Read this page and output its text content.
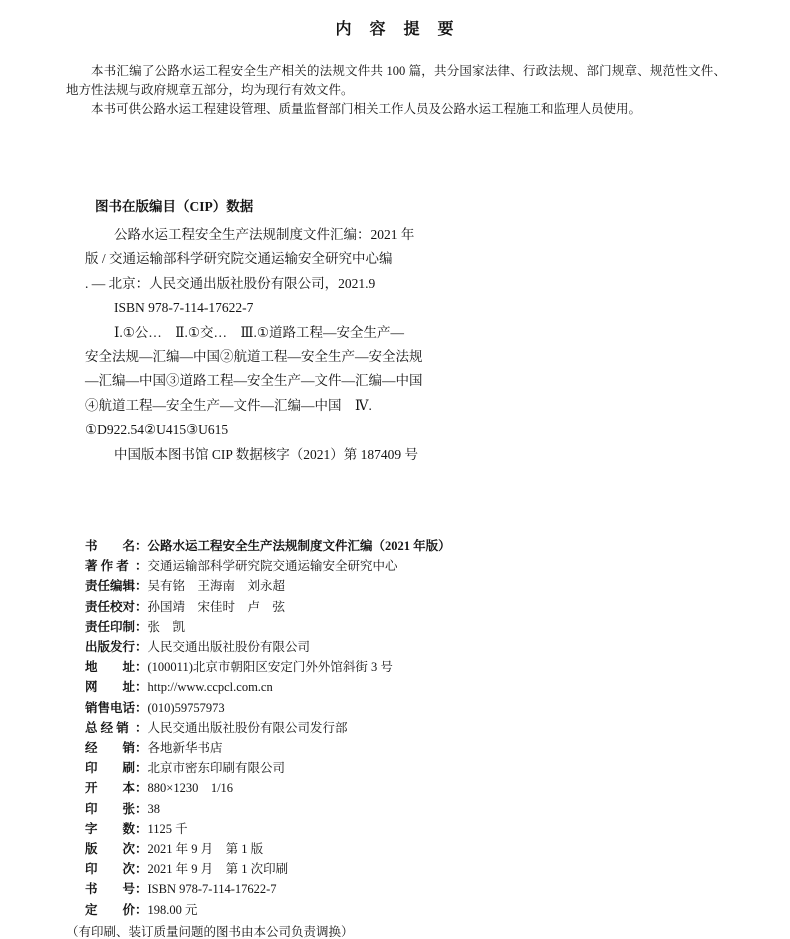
内　容　提　要

本书汇编了公路水运工程安全生产相关的法规文件共 100 篇，共分国家法律、行政法规、部门规章、规范性文件、地方性法规与政府规章五部分，均为现行有效文件。

本书可供公路水运工程建设管理、质量监督部门相关工作人员及公路水运工程施工和监理人员使用。

图书在版编目（CIP）数据
公路水运工程安全生产法规制度文件汇编：2021 年
版 / 交通运输部科学研究院交通运输安全研究中心编
. — 北京：人民交通出版社股份有限公司，2021.9
ISBN 978-7-114-17622-7
Ⅰ.①公…　Ⅱ.①交…　Ⅲ.①道路工程—安全生产—
安全法规—汇编—中国②航道工程—安全生产—安全法规
—汇编—中国③道路工程—安全生产—文件—汇编—中国
④航道工程—安全生产—文件—汇编—中国　Ⅳ.
①D922.54②U415③U615
中国版本图书馆 CIP 数据核字（2021）第 187409 号
书　　名：公路水运工程安全生产法规制度文件汇编（2021 年版）
著 作 者 ：交通运输部科学研究院交通运输安全研究中心
责任编辑：吴有铭　王海南　刘永超
责任校对：孙国靖　宋佳时　卢　弦
责任印制：张　凯
出版发行：人民交通出版社股份有限公司
地　　址：(100011)北京市朝阳区安定门外外馆斜街 3 号
网　　址：http://www.ccpcl.com.cn
销售电话：(010)59757973
总 经 销 ：人民交通出版社股份有限公司发行部
经　　销：各地新华书店
印　　刷：北京市密东印刷有限公司
开　　本：880×1230　1/16
印　　张：38
字　　数：1125 千
版　　次：2021 年 9 月　第 1 版
印　　次：2021 年 9 月　第 1 次印刷
书　　号：ISBN 978-7-114-17622-7
定　　价：198.00 元
（有印刷、装订质量问题的图书由本公司负责调换）
